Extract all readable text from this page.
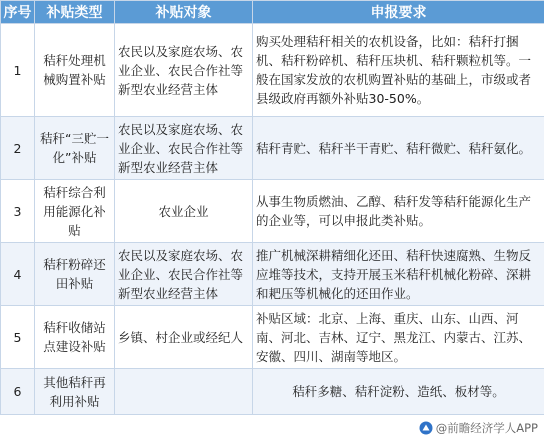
序号	补贴类型	补贴对象	申报要求
1	秸秆处理机械购置补贴	农民以及家庭农场、农业企业、农民合作社等新型农业经营主体	购买处理秸秆相关的农机设备，比如：秸秆打捆机、秸秆粉碎机、秸秆压块机、秸秆颗粒机等。一般在国家发放的农机购置补贴的基础上，市级或者县级政府再额外补贴30-50%。
2	秸秆“三贮一化”补贴	农民以及家庭农场、农业企业、农民合作社等新型农业经营主体	秸秆青贮、秸秆半干青贮、秸秆微贮、秸秆氨化。
3	秸秆综合利用能源化补贴	农业企业	从事生物质燃油、乙醇、秸秆发等秸秆能源化生产的企业等，可以申报此类补贴。
4	秸秆粉碎还田补贴	农民以及家庭农场、农业企业、农民合作社等新型农业经营主体	推广机械深耕精细化还田、秸秆快速腐熟、生物反应堆等技术，支持开展玉米秸秆机械化粉碎、深耕和耙压等机械化的还田作业。
5	秸秆收储站点建设补贴	乡镇、村企业或经纪人	补贴区域：北京、上海、重庆、山东、山西、河南、河北、吉林、辽宁、黑龙江、内蒙古、江苏、安徽、四川、湖南等地区。
6	其他秸秆再利用补贴		秸秆多糖、秸秆淀粉、造纸、板材等。
@前瞻经济学人APP
